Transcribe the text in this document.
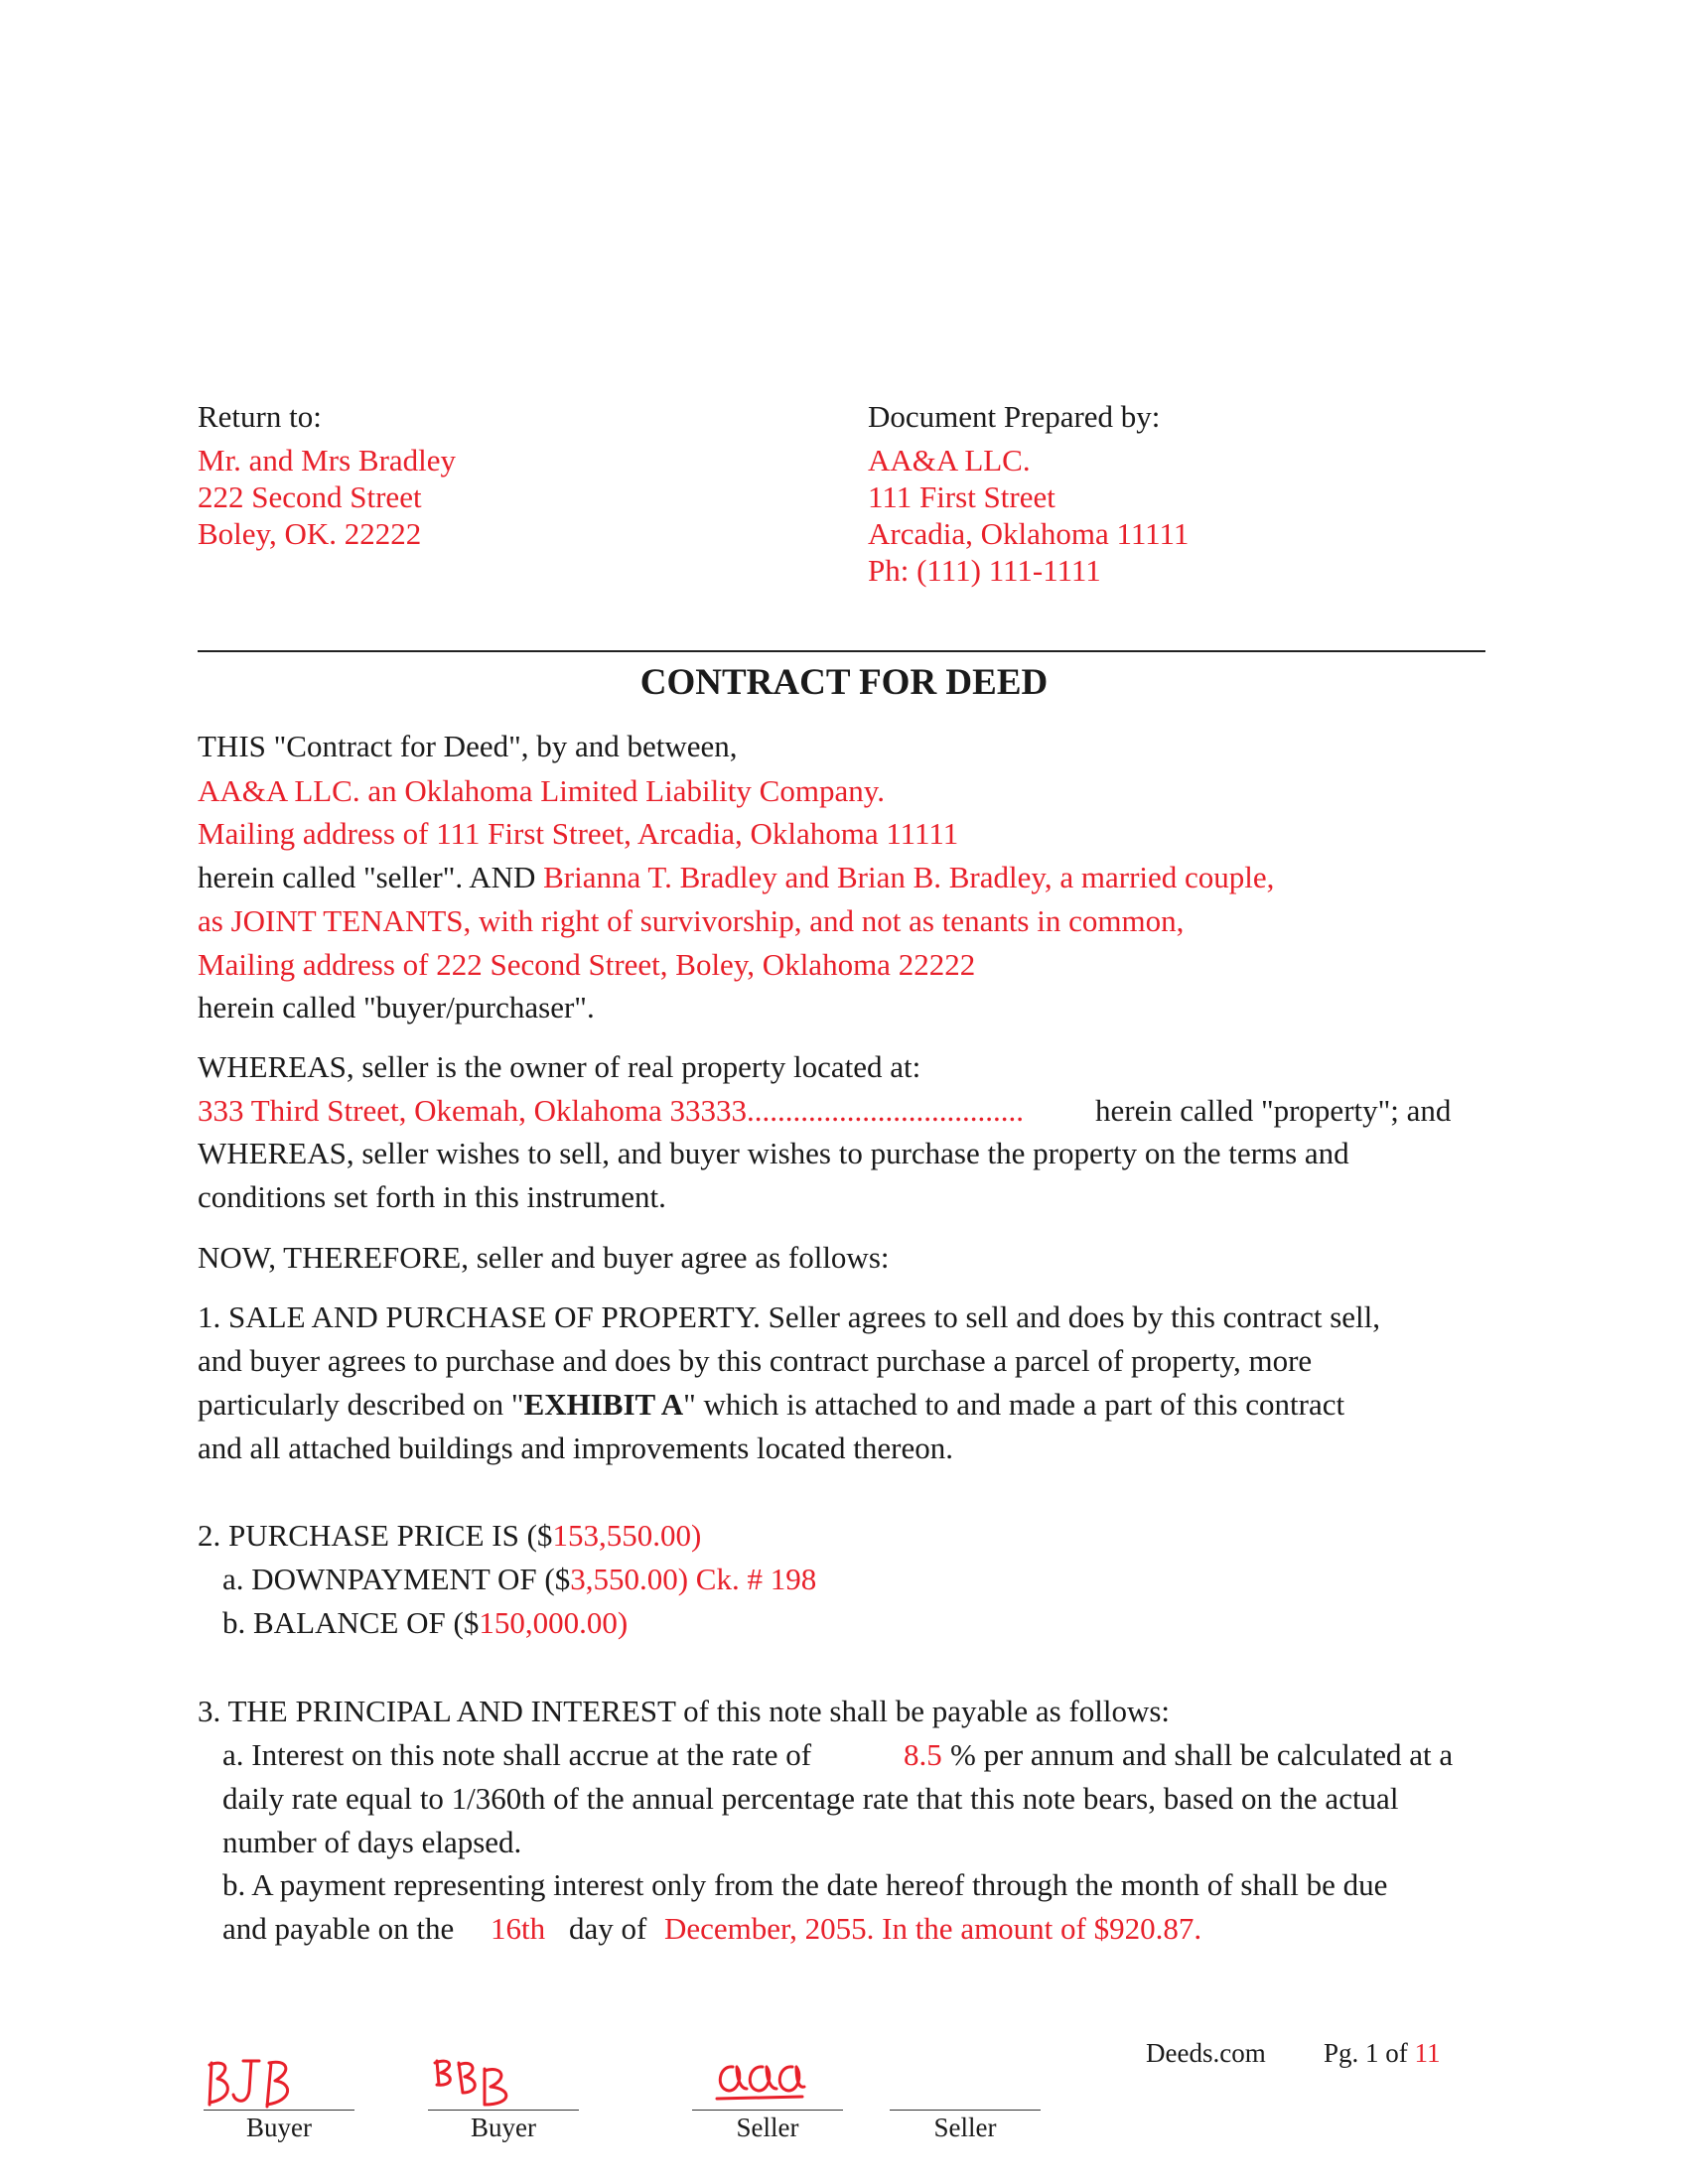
Return to:
Mr. and Mrs Bradley
222 Second Street
Boley, OK. 22222
Document Prepared by:
AA&A LLC.
111 First Street
Arcadia, Oklahoma 11111
Ph: (111) 111-1111
CONTRACT FOR DEED
THIS "Contract for Deed", by and between,
AA&A LLC. an Oklahoma Limited Liability Company.
Mailing address of 111 First Street, Arcadia, Oklahoma 11111
herein called "seller". AND Brianna T. Bradley and Brian B. Bradley, a married couple,
as JOINT TENANTS, with right of survivorship, and not as tenants in common,
Mailing address of 222 Second Street, Boley, Oklahoma 22222
herein called "buyer/purchaser".
WHEREAS, seller is the owner of real property located at:
333 Third Street, Okemah, Oklahoma 33333.................................... herein called "property"; and
WHEREAS, seller wishes to sell, and buyer wishes to purchase the property on the terms and
conditions set forth in this instrument.
NOW, THEREFORE, seller and buyer agree as follows:
1. SALE AND PURCHASE OF PROPERTY. Seller agrees to sell and does by this contract sell,
and buyer agrees to purchase and does by this contract purchase a parcel of property, more
particularly described on "EXHIBIT A" which is attached to and made a part of this contract
and all attached buildings and improvements located thereon.
2. PURCHASE PRICE IS ($153,550.00)
a. DOWNPAYMENT OF ($3,550.00) Ck. # 198
b. BALANCE OF ($150,000.00)
3. THE PRINCIPAL AND INTEREST of this note shall be payable as follows:
a. Interest on this note shall accrue at the rate of	8.5 % per annum and shall be calculated at a
daily rate equal to 1/360th of the annual percentage rate that this note bears, based on the actual
number of days elapsed.
b. A payment representing interest only from the date hereof through the month of shall be due
and payable on the 16th day of December, 2055. In the amount of $920.87.
Deeds.com Pg. 1 of 11
Buyer	Buyer	Seller	Seller
